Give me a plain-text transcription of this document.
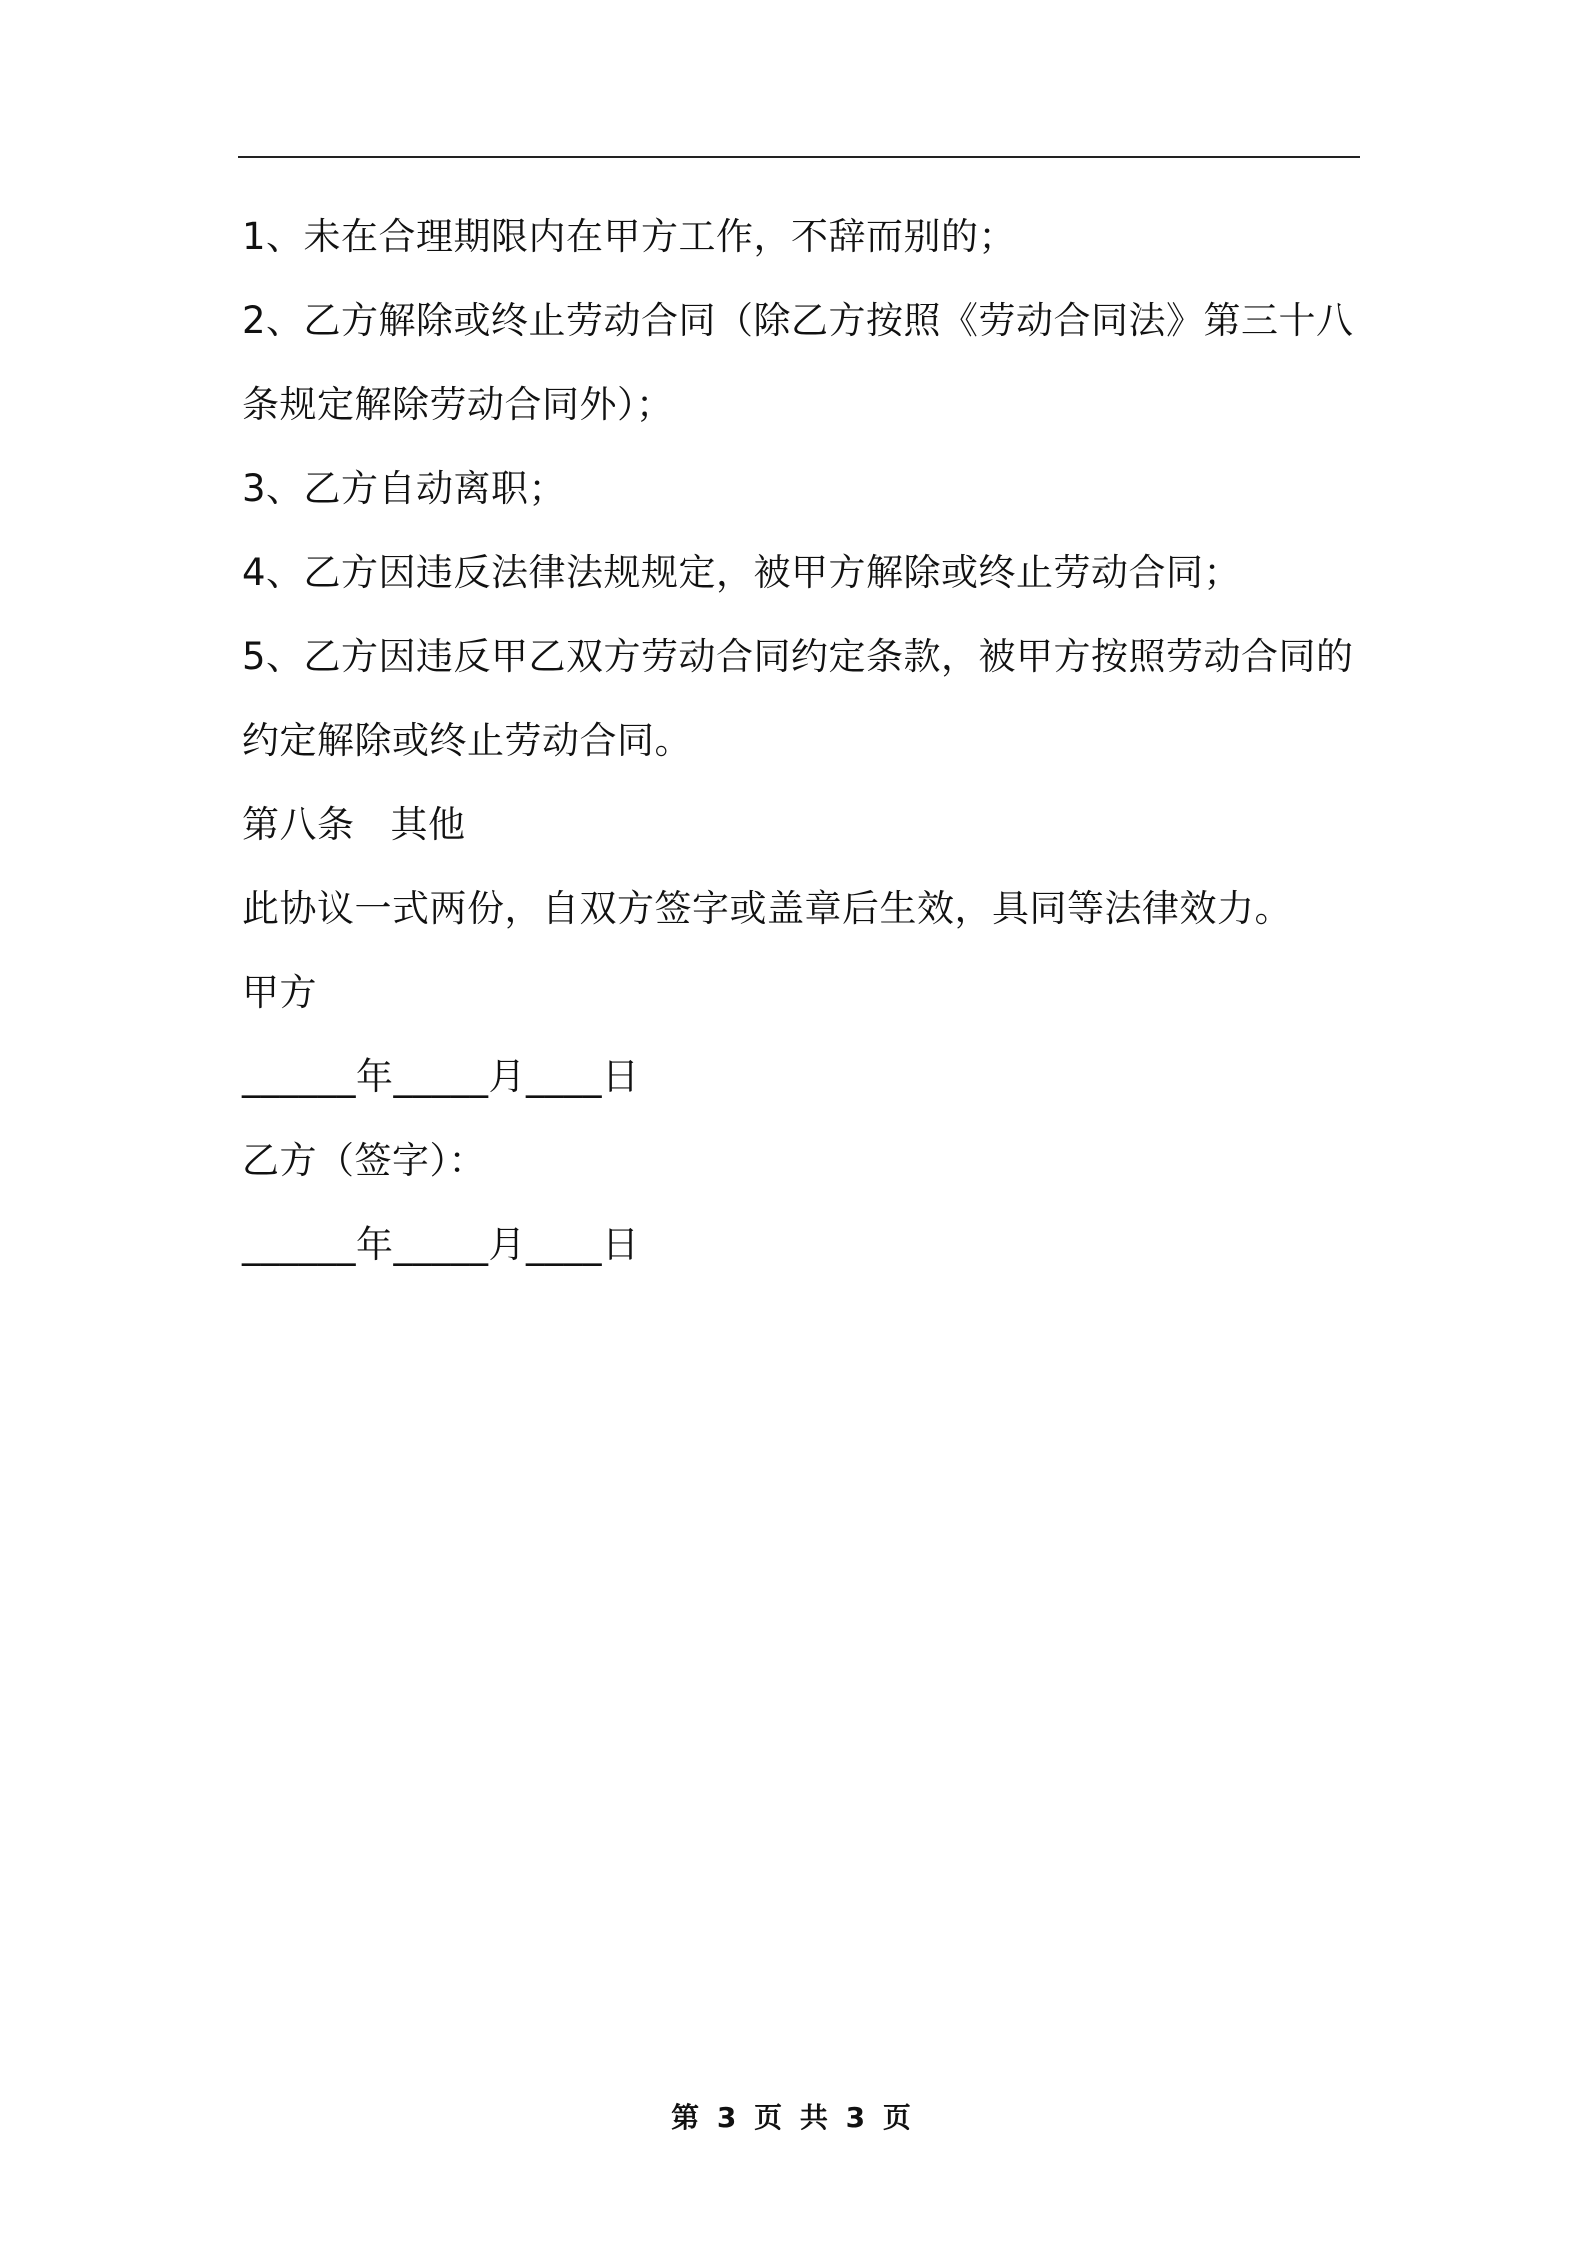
1、未在合理期限内在甲方工作，不辞而别的；
2、乙方解除或终止劳动合同（除乙方按照《劳动合同法》第三十八
条规定解除劳动合同外）；
3、乙方自动离职；
4、乙方因违反法律法规规定，被甲方解除或终止劳动合同；
5、乙方因违反甲乙双方劳动合同约定条款，被甲方按照劳动合同的
约定解除或终止劳动合同。
第八条 其他
此协议一式两份，自双方签字或盖章后生效，具同等法律效力。
甲方
______年_____月____日
乙方（签字）：
______年_____月____日
第 3 页 共 3 页
